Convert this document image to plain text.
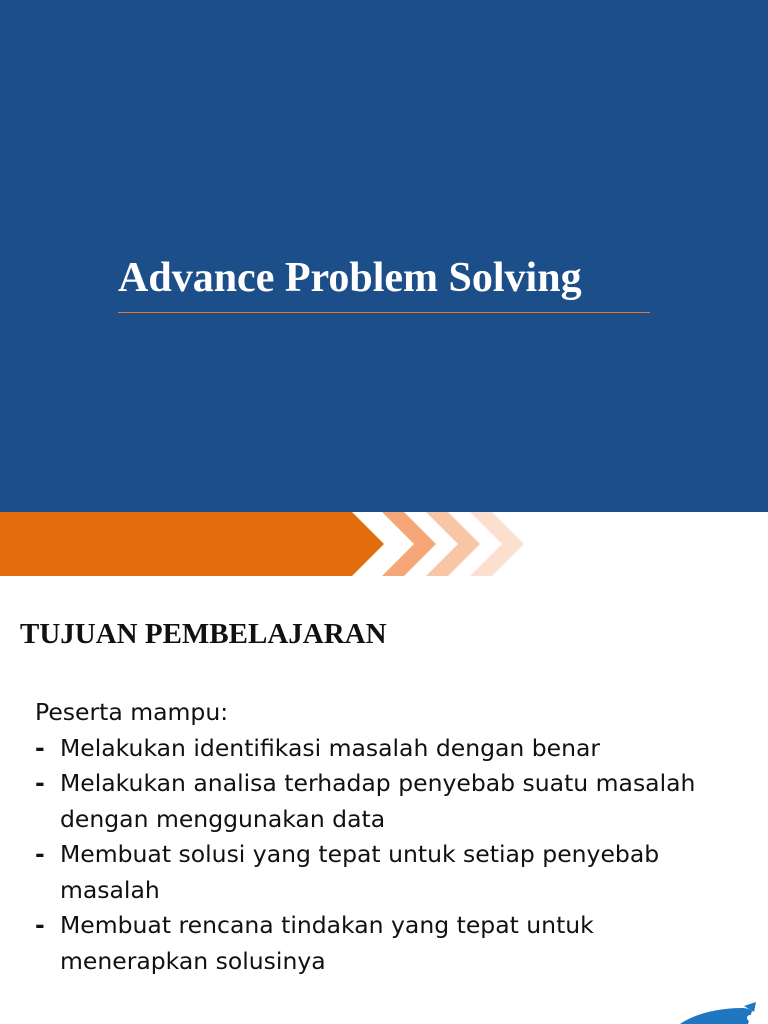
Advance Problem Solving
TUJUAN PEMBELAJARAN

Peserta mampu:

- Melakukan identifikasi masalah dengan benar
- Melakukan analisa terhadap penyebab suatu masalah dengan menggunakan data
- Membuat solusi yang tepat untuk setiap penyebab masalah
- Membuat rencana tindakan yang tepat untuk menerapkan solusinya
